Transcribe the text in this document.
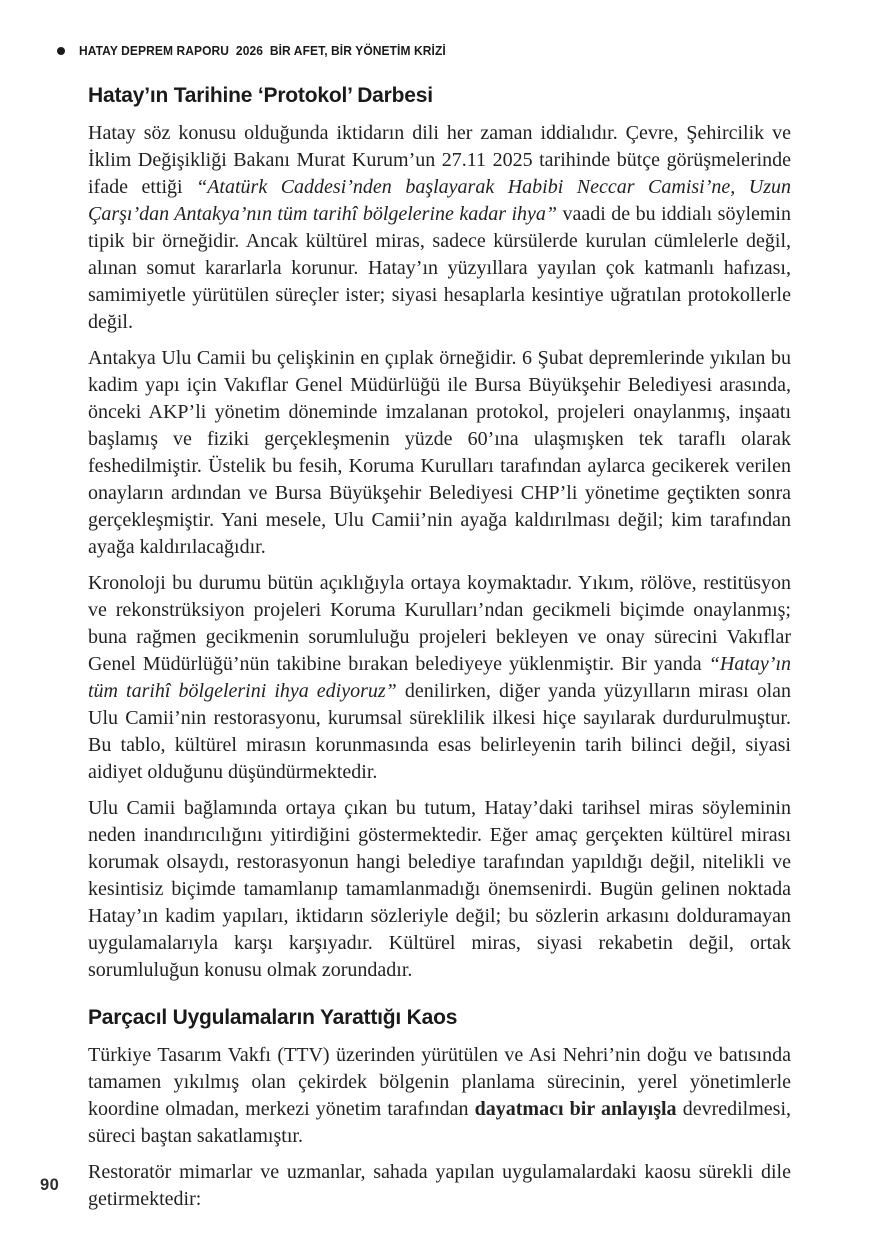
HATAY DEPREM RAPORU  2026  BİR AFET, BİR YÖNETİM KRİZİ
Hatay’ın Tarihine ‘Protokol’ Darbesi

Hatay söz konusu olduğunda iktidarın dili her zaman iddialıdır. Çevre, Şehircilik ve İklim Değişikliği Bakanı Murat Kurum’un 27.11 2025 tarihinde bütçe görüşmelerinde ifade ettiği “Atatürk Caddesi’nden başlayarak Habibi Neccar Camisi’ne, Uzun Çarşı’dan Antakya’nın tüm tarihî bölgelerine kadar ihya” vaadi de bu iddialı söylemin tipik bir örneğidir. Ancak kültürel miras, sadece kürsülerde kurulan cümlelerle değil, alınan somut kararlarla korunur. Hatay’ın yüzyıllara yayılan çok katmanlı hafızası, samimiyetle yürütülen süreçler ister; siyasi hesaplarla kesintiye uğratılan protokollerle değil.

Antakya Ulu Camii bu çelişkinin en çıplak örneğidir. 6 Şubat depremlerinde yıkılan bu kadim yapı için Vakıflar Genel Müdürlüğü ile Bursa Büyükşehir Belediyesi arasında, önceki AKP’li yönetim döneminde imzalanan protokol, projeleri onaylanmış, inşaatı başlamış ve fiziki gerçekleşmenin yüzde 60’ına ulaşmışken tek taraflı olarak feshedilmiştir. Üstelik bu fesih, Koruma Kurulları tarafından aylarca gecikerek verilen onayların ardından ve Bursa Büyükşehir Belediyesi CHP’li yönetime geçtikten sonra gerçekleşmiştir. Yani mesele, Ulu Camii’nin ayağa kaldırılması değil; kim tarafından ayağa kaldırılacağıdır.

Kronoloji bu durumu bütün açıklığıyla ortaya koymaktadır. Yıkım, rölöve, restitüsyon ve rekonstrüksiyon projeleri Koruma Kurulları’ndan gecikmeli biçimde onaylanmış; buna rağmen gecikmenin sorumluluğu projeleri bekleyen ve onay sürecini Vakıflar Genel Müdürlüğü’nün takibine bırakan belediyeye yüklenmiştir. Bir yanda “Hatay’ın tüm tarihî bölgelerini ihya ediyoruz” denilirken, diğer yanda yüzyılların mirası olan Ulu Camii’nin restorasyonu, kurumsal süreklilik ilkesi hiçe sayılarak durdurulmuştur. Bu tablo, kültürel mirasın korunmasında esas belirleyenin tarih bilinci değil, siyasi aidiyet olduğunu düşündürmektedir.

Ulu Camii bağlamında ortaya çıkan bu tutum, Hatay’daki tarihsel miras söyleminin neden inandırıcılığını yitirdiğini göstermektedir. Eğer amaç gerçekten kültürel mirası korumak olsaydı, restorasyonun hangi belediye tarafından yapıldığı değil, nitelikli ve kesintisiz biçimde tamamlanıp tamamlanmadığı önemsenirdi. Bugün gelinen noktada Hatay’ın kadim yapıları, iktidarın sözleriyle değil; bu sözlerin arkasını dolduramayan uygulamalarıyla karşı karşıyadır. Kültürel miras, siyasi rekabetin değil, ortak sorumluluğun konusu olmak zorundadır.

Parçacıl Uygulamaların Yarattığı Kaos

Türkiye Tasarım Vakfı (TTV) üzerinden yürütülen ve Asi Nehri’nin doğu ve batısında tamamen yıkılmış olan çekirdek bölgenin planlama sürecinin, yerel yönetimlerle koordine olmadan, merkezi yönetim tarafından dayatmacı bir anlayışla devredilmesi, süreci baştan sakatlamıştır.

Restoratör mimarlar ve uzmanlar, sahada yapılan uygulamalardaki kaosu sürekli dile getirmektedir:

90
